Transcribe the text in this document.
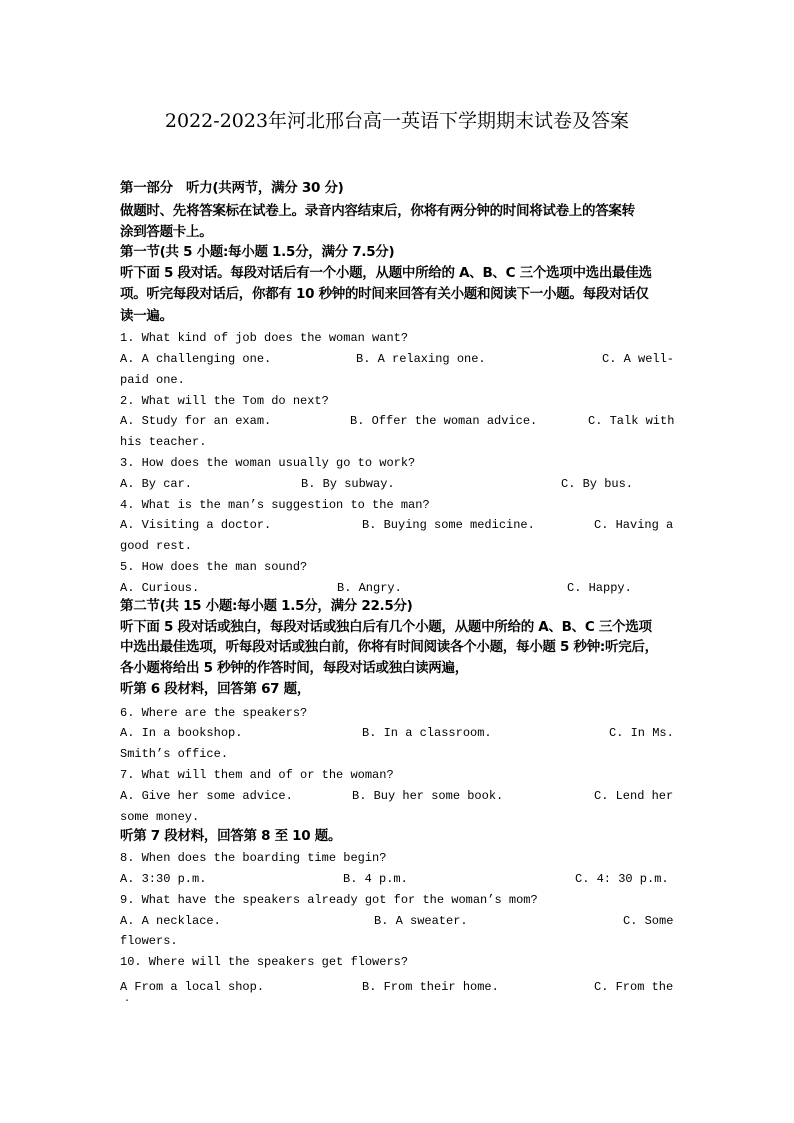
2022-2023年河北邢台高一英语下学期期末试卷及答案
第一部分　听力(共两节，满分 30 分)
做题时、先将答案标在试卷上。录音内容结束后，你将有两分钟的时间将试卷上的答案转
涂到答题卡上。
第一节(共 5 小题:每小题 1.5分，满分 7.5分)
听下面 5 段对话。每段对话后有一个小题，从题中所给的 A、B、C 三个选项中选出最佳选
项。听完每段对话后，你都有 10 秒钟的时间来回答有关小题和阅读下一小题。每段对话仅
读一遍。
1. What kind of job does the woman want?
A. A challenging one.	B. A relaxing one.	C. A well-
paid one.
2. What will the Tom do next?
A. Study for an exam.	B. Offer the woman advice.	C. Talk with
his teacher.
3. How does the woman usually go to work?
A. By car.	B. By subway.	C. By bus.
4. What is the man’s suggestion to the man?
A. Visiting a doctor.	B. Buying some medicine.	C. Having a
good rest.
5. How does the man sound?
A. Curious.	B. Angry.	C. Happy.
第二节(共 15 小题:每小题 1.5分，满分 22.5分)
听下面 5 段对话或独白，每段对话或独白后有几个小题，从题中所给的 A、B、C 三个选项
中选出最佳选项，听每段对话或独白前，你将有时间阅读各个小题，每小题 5 秒钟:听完后，
各小题将给出 5 秒钟的作答时间，每段对话或独白读两遍，
听第 6 段材料，回答第 67 题，
6. Where are the speakers?
A. In a bookshop.	B. In a classroom.	C. In Ms.
Smith’s office.
7. What will them and of or the woman?
A. Give her some advice.	B. Buy her some book.	C. Lend her
some money.
听第 7 段材料，回答第 8 至 10 题。
8. When does the boarding time begin?
A. 3:30 p.m.	B. 4 p.m.	C. 4: 30 p.m.
9. What have the speakers already got for the woman’s mom?
A. A necklace.	B. A sweater.	C. Some
flowers.
10. Where will the speakers get flowers?
A From a local shop.	B. From their home.	C. From the
.
